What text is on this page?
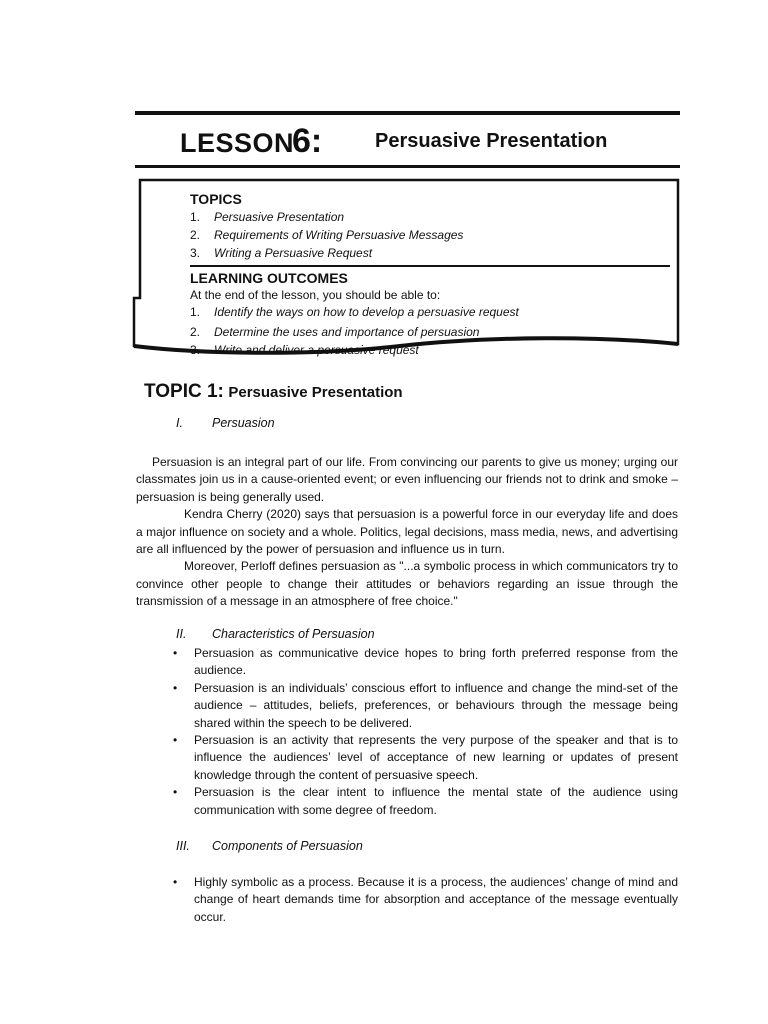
LESSON
6:	Persuasive Presentation
TOPICS
1. Persuasive Presentation
2. Requirements of Writing Persuasive Messages
3. Writing a Persuasive Request
LEARNING OUTCOMES
At the end of the lesson, you should be able to:
1. Identify the ways on how to develop a persuasive request
2. Determine the uses and importance of persuasion
3. Write and deliver a persuasive request
TOPIC 1: Persuasive Presentation
I. Persuasion

Persuasion is an integral part of our life. From convincing our parents to give us money; urging our classmates join us in a cause-oriented event; or even influencing our friends not to drink and smoke – persuasion is being generally used.

Kendra Cherry (2020) says that persuasion is a powerful force in our everyday life and does a major influence on society and a whole. Politics, legal decisions, mass media, news, and advertising are all influenced by the power of persuasion and influence us in turn.

Moreover, Perloff defines persuasion as "...a symbolic process in which communicators try to convince other people to change their attitudes or behaviors regarding an issue through the transmission of a message in an atmosphere of free choice."

II. Characteristics of Persuasion
• Persuasion as communicative device hopes to bring forth preferred response from the audience.
• Persuasion is an individuals’ conscious effort to influence and change the mind-set of the audience – attitudes, beliefs, preferences, or behaviours through the message being shared within the speech to be delivered.
• Persuasion is an activity that represents the very purpose of the speaker and that is to influence the audiences’ level of acceptance of new learning or updates of present knowledge through the content of persuasive speech.
• Persuasion is the clear intent to influence the mental state of the audience using communication with some degree of freedom.
III. Components of Persuasion
• Highly symbolic as a process. Because it is a process, the audiences’ change of mind and change of heart demands time for absorption and acceptance of the message eventually occur.
